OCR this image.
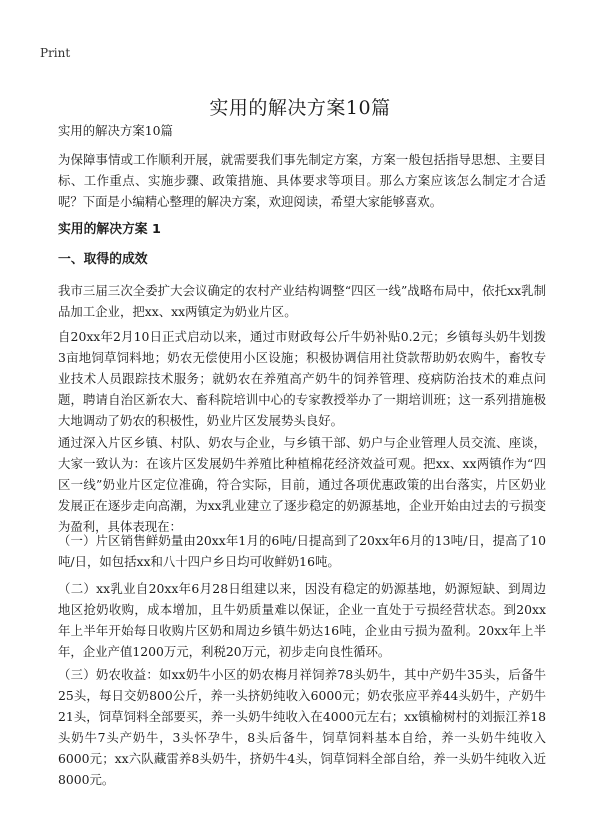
Print
实用的解决方案10篇

实用的解决方案10篇

为保障事情或工作顺利开展，就需要我们事先制定方案，方案一般包括指导思想、主要目标、工作重点、实施步骤、政策措施、具体要求等项目。那么方案应该怎么制定才合适呢？下面是小编精心整理的解决方案，欢迎阅读，希望大家能够喜欢。

实用的解决方案 1
一、取得的成效

我市三届三次全委扩大会议确定的农村产业结构调整“四区一线”战略布局中，依托xx乳制品加工企业，把xx、xx两镇定为奶业片区。

自20xx年2月10日正式启动以来，通过市财政每公斤牛奶补贴0.2元；乡镇每头奶牛划拨3亩地饲草饲料地；奶农无偿使用小区设施；积极协调信用社贷款帮助奶农购牛，畜牧专业技术人员跟踪技术服务；就奶农在养殖高产奶牛的饲养管理、疫病防治技术的难点问题，聘请自治区新农大、畜科院培训中心的专家教授举办了一期培训班；这一系列措施极大地调动了奶农的积极性，奶业片区发展势头良好。

通过深入片区乡镇、村队、奶农与企业，与乡镇干部、奶户与企业管理人员交流、座谈，大家一致认为：在该片区发展奶牛养殖比种植棉花经济效益可观。把xx、xx两镇作为“四区一线”奶业片区定位准确，符合实际，目前，通过各项优惠政策的出台落实，片区奶业发展正在逐步走向高潮，为xx乳业建立了逐步稳定的奶源基地，企业开始由过去的亏损变为盈利，具体表现在：

（一）片区销售鲜奶量由20xx年1月的6吨/日提高到了20xx年6月的13吨/日，提高了10吨/日，如包括xx和八十四户乡日均可收鲜奶16吨。

（二）xx乳业自20xx年6月28日组建以来，因没有稳定的奶源基地，奶源短缺、到周边地区抢奶收购，成本增加，且牛奶质量难以保证，企业一直处于亏损经营状态。到20xx年上半年开始每日收购片区奶和周边乡镇牛奶达16吨，企业由亏损为盈利。20xx年上半年，企业产值1200万元，利税20万元，初步走向良性循环。

（三）奶农收益：如xx奶牛小区的奶农梅月祥饲养78头奶牛，其中产奶牛35头，后备牛25头，每日交奶800公斤，养一头挤奶纯收入6000元；奶农张应平养44头奶牛，产奶牛21头，饲草饲料全部要买，养一头奶牛纯收入在4000元左右；xx镇榆树村的刘振江养18头奶牛7头产奶牛，3头怀孕牛，8头后备牛，饲草饲料基本自给，养一头奶牛纯收入6000元；xx六队藏雷养8头奶牛，挤奶牛4头，饲草饲料全部自给，养一头奶牛纯收入近8000元。
